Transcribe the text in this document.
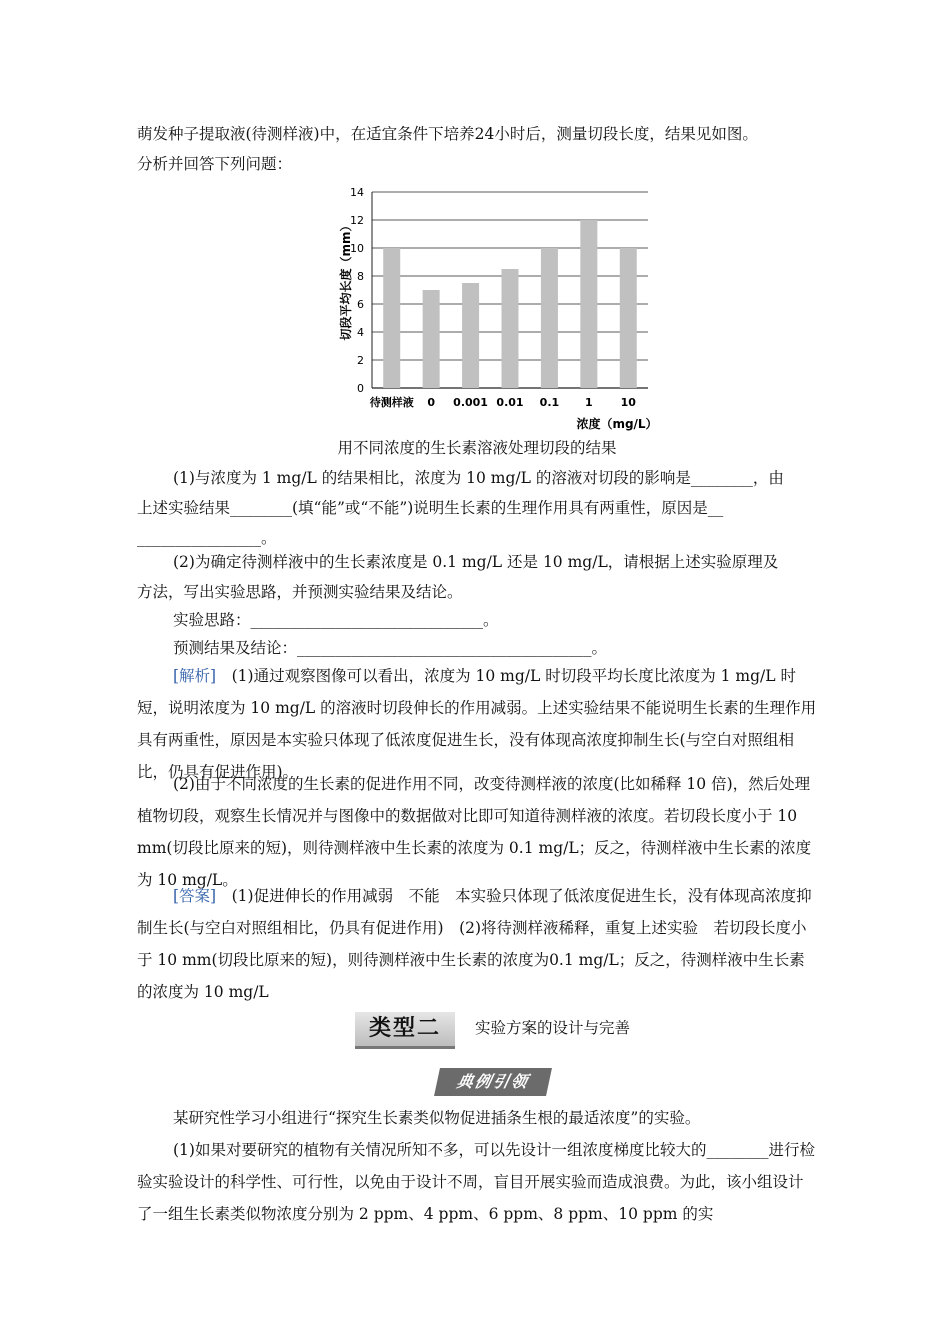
萌发种子提取液(待测样液)中，在适宜条件下培养24小时后，测量切段长度，结果见如图。

分析并回答下列问题：

0
2
4
6
8
10
12
14
待测样液 0 0.001 0.01 0.1 1	10
切段平均长度（mm）
浓度（mg/L）
用不同浓度的生长素溶液处理切段的结果

(1)与浓度为 1 mg/L 的结果相比，浓度为 10 mg/L 的溶液对切段的影响是________，由

上述实验结果________(填“能”或“不能”)说明生长素的生理作用具有两重性，原因是__

________________。

(2)为确定待测样液中的生长素浓度是 0.1 mg/L 还是 10 mg/L，请根据上述实验原理及

方法，写出实验思路，并预测实验结果及结论。

实验思路：______________________________。

预测结果及结论：______________________________________。

[解析]　 (1)通过观察图像可以看出，浓度为 10 mg/L 时切段平均长度比浓度为 1 mg/L 时短，说明浓度为 10 mg/L 的溶液时切段伸长的作用减弱。上述实验结果不能说明生长素的生理作用具有两重性，原因是本实验只体现了低浓度促进生长，没有体现高浓度抑制生长(与空白对照组相比，仍具有促进作用)。

(2)由于不同浓度的生长素的促进作用不同，改变待测样液的浓度(比如稀释 10 倍)，然后处理植物切段，观察生长情况并与图像中的数据做对比即可知道待测样液的浓度。若切段长度小于 10 mm(切段比原来的短)，则待测样液中生长素的浓度为 0.1 mg/L；反之，待测样液中生长素的浓度为 10 mg/L。

[答案]　 (1)促进伸长的作用减弱　不能　本实验只体现了低浓度促进生长，没有体现高浓度抑制生长(与空白对照组相比，仍具有促进作用)　(2)将待测样液稀释，重复上述实验　若切段长度小于 10 mm(切段比原来的短)，则待测样液中生长素的浓度为0.1 mg/L；反之，待测样液中生长素的浓度为 10 mg/L

类型二	实验方案的设计与完善
典例引领

某研究性学习小组进行“探究生长素类似物促进插条生根的最适浓度”的实验。

(1)如果对要研究的植物有关情况所知不多，可以先设计一组浓度梯度比较大的________进行检验实验设计的科学性、可行性，以免由于设计不周，盲目开展实验而造成浪费。为此，该小组设计了一组生长素类似物浓度分别为 2 ppm、4 ppm、6 ppm、8 ppm、10 ppm 的实
